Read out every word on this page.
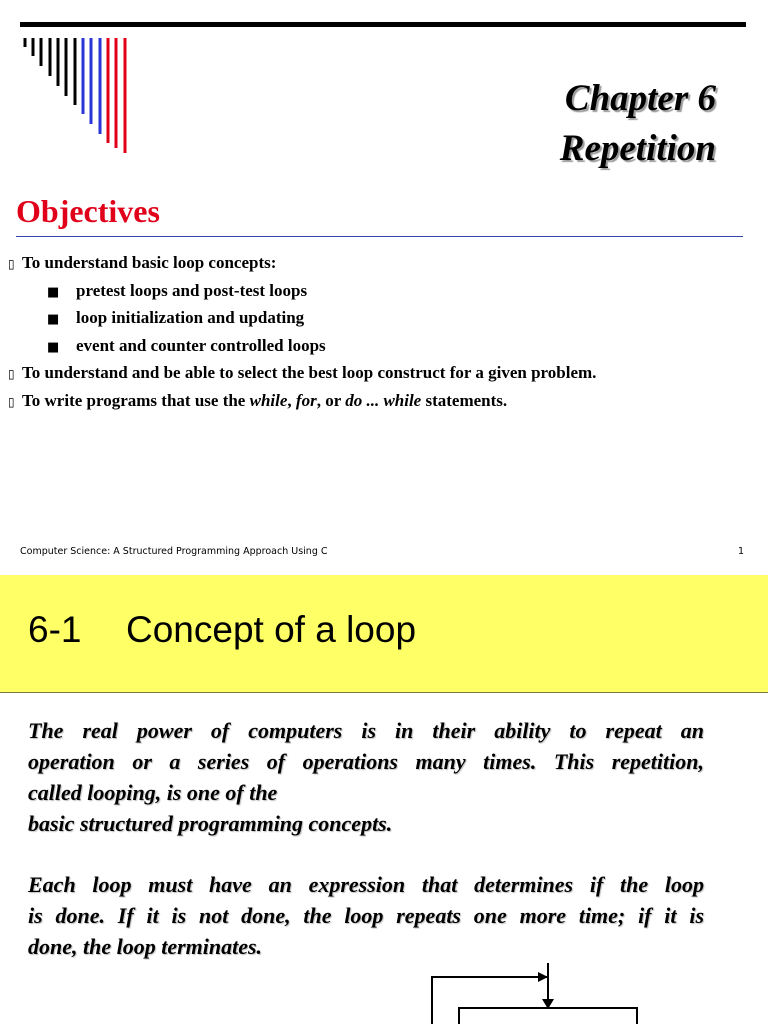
Chapter 6
Repetition
Objectives
▯ To understand basic loop concepts:
■ pretest loops and post-test loops
■ loop initialization and updating
■ event and counter controlled loops
▯ To understand and be able to select the best loop construct for a given problem.
▯ To write programs that use the while, for, or do ... while statements.
Computer Science: A Structured Programming Approach Using C	1
6-1 Concept of a loop
The real power of computers is in their ability to repeat an
operation or a series of operations many times. This repetition,
called looping, is one of the
basic structured programming concepts.
Each loop must have an expression that determines if the loop
is done. If it is not done, the loop repeats one more time; if it is
done, the loop terminates.
